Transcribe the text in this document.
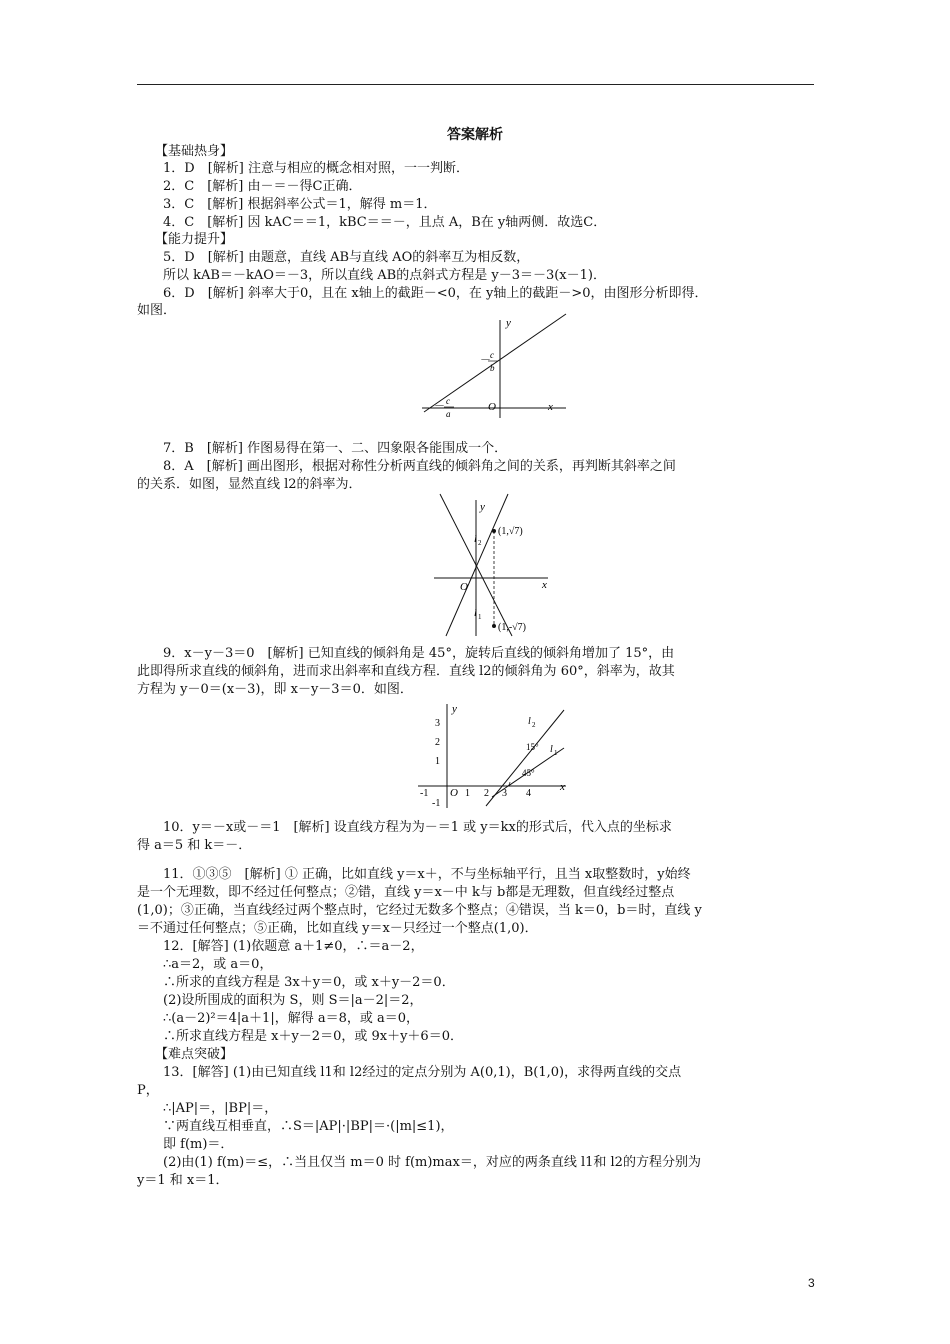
答案解析
【基础热身】
1．D　[解析] 注意与相应的概念相对照，一一判断．
2．C　[解析] 由－＝－得C正确．
3．C　[解析] 根据斜率公式＝1，解得 m＝1．
4．C　[解析] 因 kAC＝＝1，kBC＝＝－，且点 A，B在 y轴两侧．故选C．
【能力提升】
5．D　[解析] 由题意，直线 AB与直线 AO的斜率互为相反数，
所以 kAB＝－kAO＝－3，所以直线 AB的点斜式方程是 y－3＝－3(x－1)．
6．D　[解析] 斜率大于0，且在 x轴上的截距－<0，在 y轴上的截距－>0，由图形分析即得．
如图．
y
x
O
－ c
b
－ c
a
7．B　[解析] 作图易得在第一、二、四象限各能围成一个．
8．A　[解析] 画出图形，根据对称性分析两直线的倾斜角之间的关系，再判断其斜率之间
的关系．如图，显然直线 l2的斜率为．
y
x
O
l 2
l 1
(1,√7)
(1,-√7)
9．x－y－3＝0　[解析] 已知直线的倾斜角是 45°，旋转后直线的倾斜角增加了 15°，由
此即得所求直线的倾斜角，进而求出斜率和直线方程．直线 l2的倾斜角为 60°，斜率为，故其
方程为 y－0＝(x－3)，即 x－y－3＝0．如图．
y
x
O
3
2
1
-1
-1	1 2 3 4
l 2
l 1
15°
45°
10．y＝－x或－＝1　[解析] 设直线方程为为－＝1 或 y＝kx的形式后，代入点的坐标求
得 a＝5 和 k＝－．
11．①③⑤　[解析] ① 正确，比如直线 y＝x＋，不与坐标轴平行，且当 x取整数时，y始终
是一个无理数，即不经过任何整点；②错，直线 y＝x－中 k与 b都是无理数，但直线经过整点
(1,0)；③正确，当直线经过两个整点时，它经过无数多个整点；④错误，当 k＝0，b＝时，直线 y
＝不通过任何整点；⑤正确，比如直线 y＝x－只经过一个整点(1,0)．
12．[解答] (1)依题意 a＋1≠0，∴＝a－2，
∴a＝2，或 a＝0，
∴所求的直线方程是 3x＋y＝0，或 x＋y－2＝0．
(2)设所围成的面积为 S，则 S＝|a－2|＝2，
∴(a－2)²＝4|a＋1|，解得 a＝8，或 a＝0，
∴所求直线方程是 x＋y－2＝0，或 9x＋y＋6＝0．
【难点突破】
13．[解答] (1)由已知直线 l1和 l2经过的定点分别为 A(0,1)，B(1,0)，求得两直线的交点
P，
∴|AP|＝，|BP|＝，
∵两直线互相垂直，∴S＝|AP|·|BP|＝·(|m|≤1)，
即 f(m)＝．
(2)由(1) f(m)＝≤，∴当且仅当 m＝0 时 f(m)max＝，对应的两条直线 l1和 l2的方程分别为
y＝1 和 x＝1．
3
